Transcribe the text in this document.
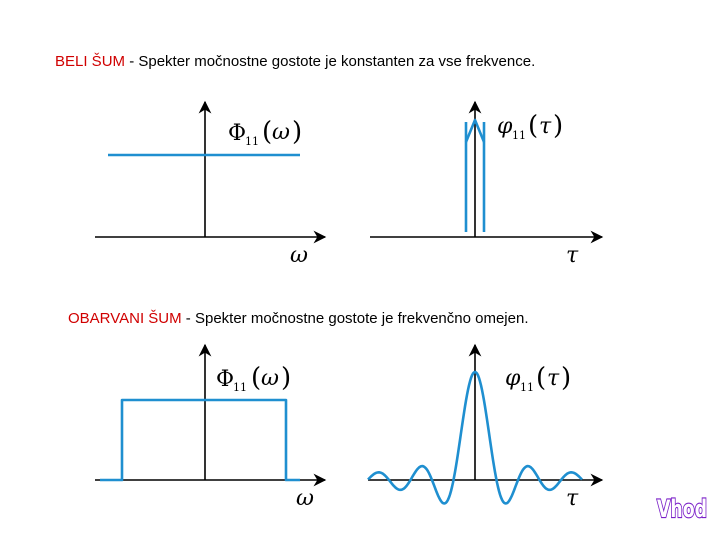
BELI ŠUM - Spekter močnostne gostote je konstanten za vse frekvence.
OBARVANI ŠUM - Spekter močnostne gostote je frekvenčno omejen.
Φ
11 ( ω )
ω
φ 11 ( τ )
τ
Φ
11 ( ω )
ω
φ 11 ( τ )
τ	Vhod
